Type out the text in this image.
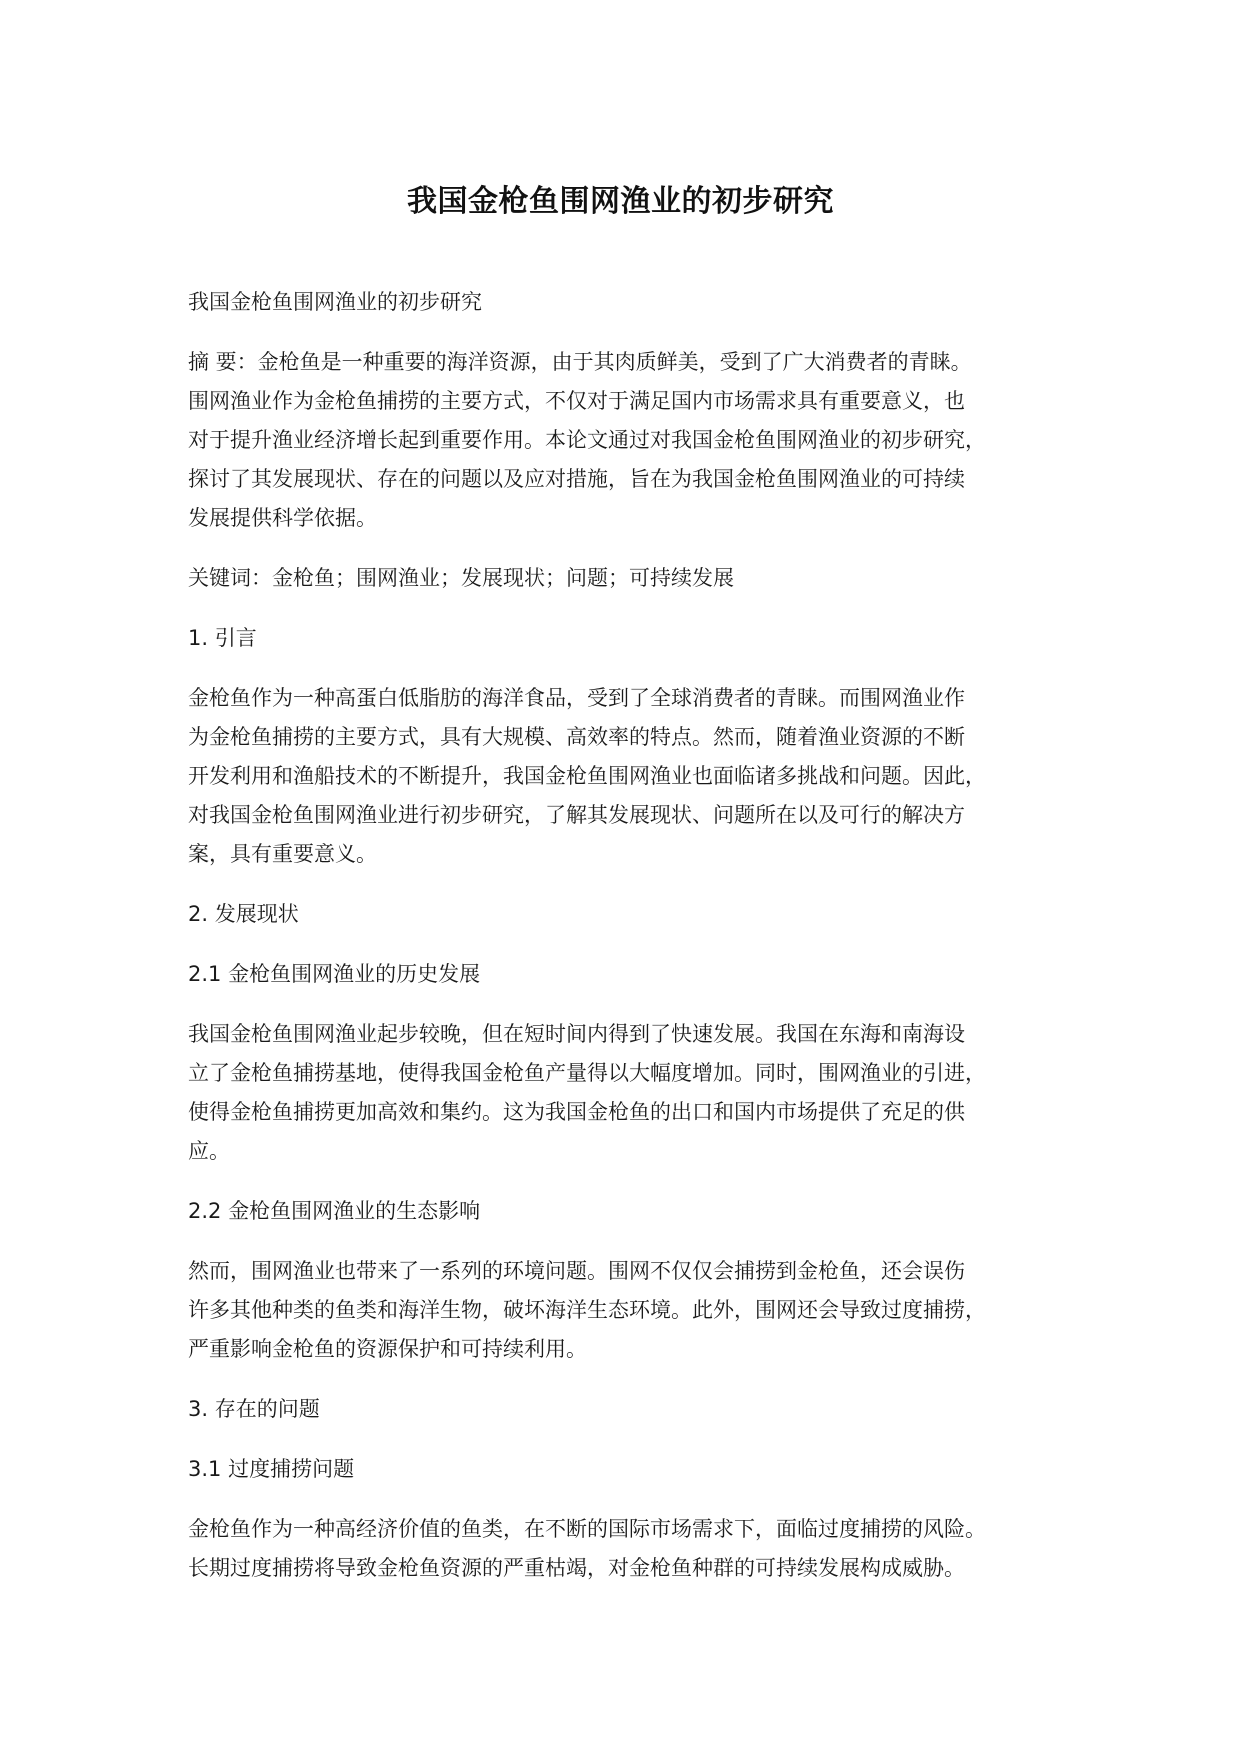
我国金枪鱼围网渔业的初步研究
我国金枪鱼围网渔业的初步研究
摘 要：金枪鱼是一种重要的海洋资源，由于其肉质鲜美，受到了广大消费者的青睐。
围网渔业作为金枪鱼捕捞的主要方式，不仅对于满足国内市场需求具有重要意义，也
对于提升渔业经济增长起到重要作用。本论文通过对我国金枪鱼围网渔业的初步研究，
探讨了其发展现状、存在的问题以及应对措施，旨在为我国金枪鱼围网渔业的可持续
发展提供科学依据。
关键词：金枪鱼；围网渔业；发展现状；问题；可持续发展
1. 引言
金枪鱼作为一种高蛋白低脂肪的海洋食品，受到了全球消费者的青睐。而围网渔业作
为金枪鱼捕捞的主要方式，具有大规模、高效率的特点。然而，随着渔业资源的不断
开发利用和渔船技术的不断提升，我国金枪鱼围网渔业也面临诸多挑战和问题。因此，
对我国金枪鱼围网渔业进行初步研究，了解其发展现状、问题所在以及可行的解决方
案，具有重要意义。
2. 发展现状
2.1 金枪鱼围网渔业的历史发展
我国金枪鱼围网渔业起步较晚，但在短时间内得到了快速发展。我国在东海和南海设
立了金枪鱼捕捞基地，使得我国金枪鱼产量得以大幅度增加。同时，围网渔业的引进，
使得金枪鱼捕捞更加高效和集约。这为我国金枪鱼的出口和国内市场提供了充足的供
应。
2.2 金枪鱼围网渔业的生态影响
然而，围网渔业也带来了一系列的环境问题。围网不仅仅会捕捞到金枪鱼，还会误伤
许多其他种类的鱼类和海洋生物，破坏海洋生态环境。此外，围网还会导致过度捕捞，
严重影响金枪鱼的资源保护和可持续利用。
3. 存在的问题
3.1 过度捕捞问题
金枪鱼作为一种高经济价值的鱼类，在不断的国际市场需求下，面临过度捕捞的风险。
长期过度捕捞将导致金枪鱼资源的严重枯竭，对金枪鱼种群的可持续发展构成威胁。
